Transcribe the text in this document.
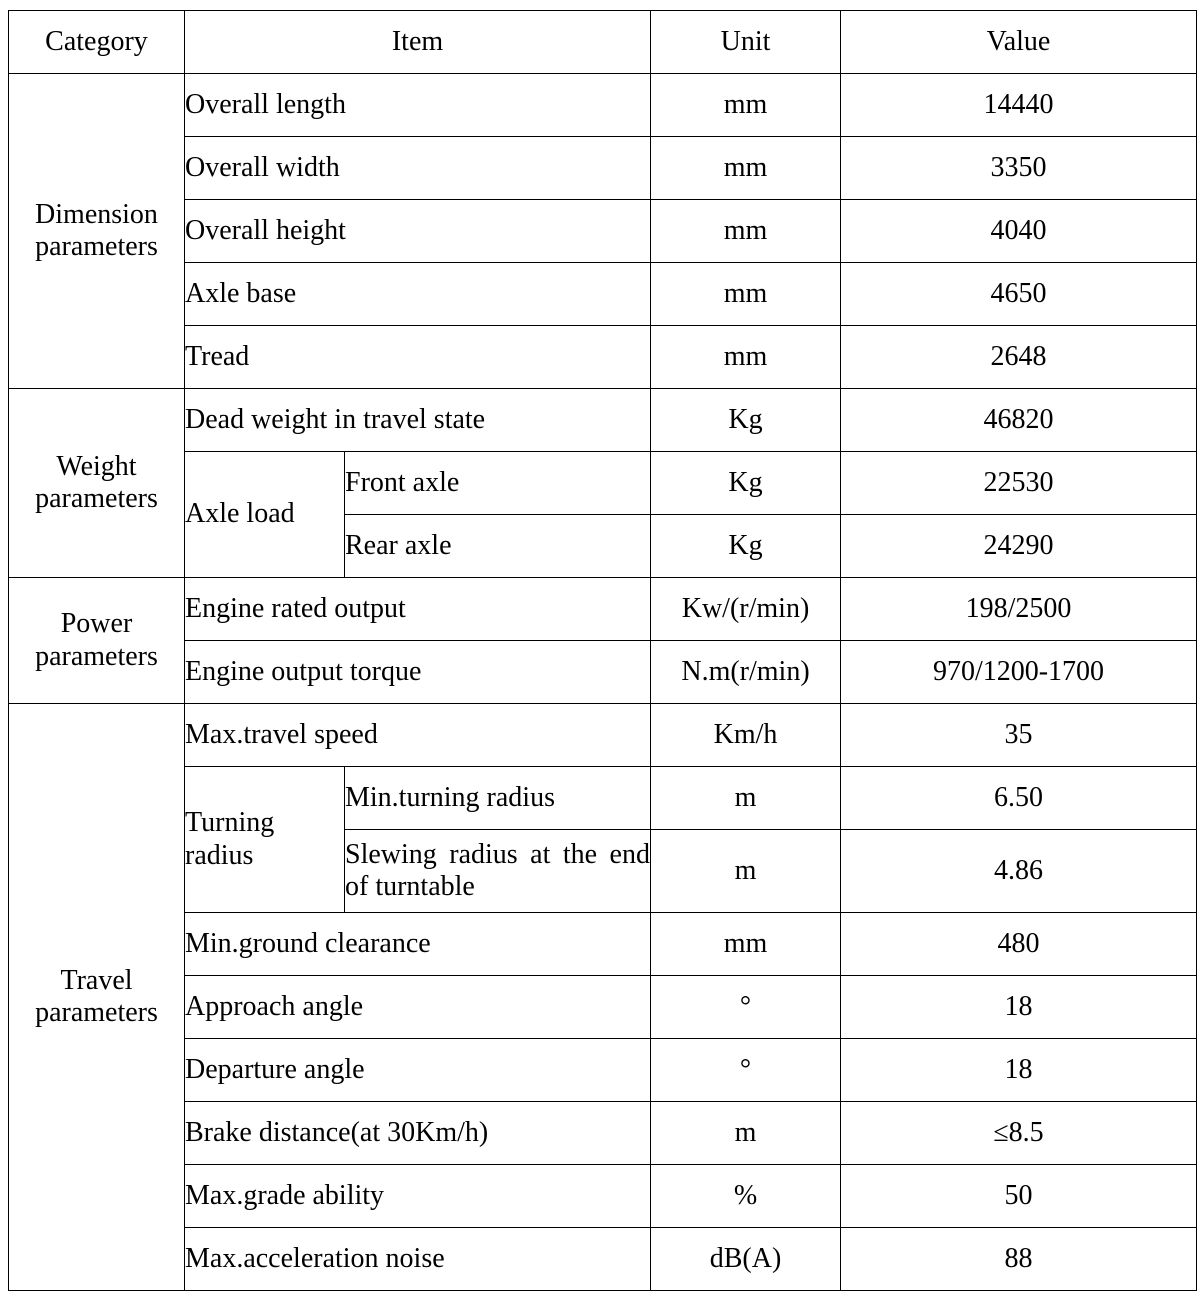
Category	Item		Unit	Value
Dimension parameters	Overall length		mm	14440
	Overall width		mm	3350
	Overall height		mm	4040
	Axle base		mm	4650
	Tread		mm	2648
Weight parameters	Dead weight in travel state		Kg	46820
	Axle load	Front axle	Kg	22530
		Rear axle	Kg	24290
Power parameters	Engine rated output		Kw/(r/min)	198/2500
	Engine output torque		N.m(r/min)	970/1200-1700
Travel parameters	Max.travel speed		Km/h	35
	Turning radius	Min.turning radius	m	6.50
		Slewing radius at the end of turntable	m	4.86
	Min.ground clearance		mm	480
	Approach angle		°	18
	Departure angle		°	18
	Brake distance(at 30Km/h)		m	≤8.5
	Max.grade ability		%	50
	Max.acceleration noise		dB(A)	88
